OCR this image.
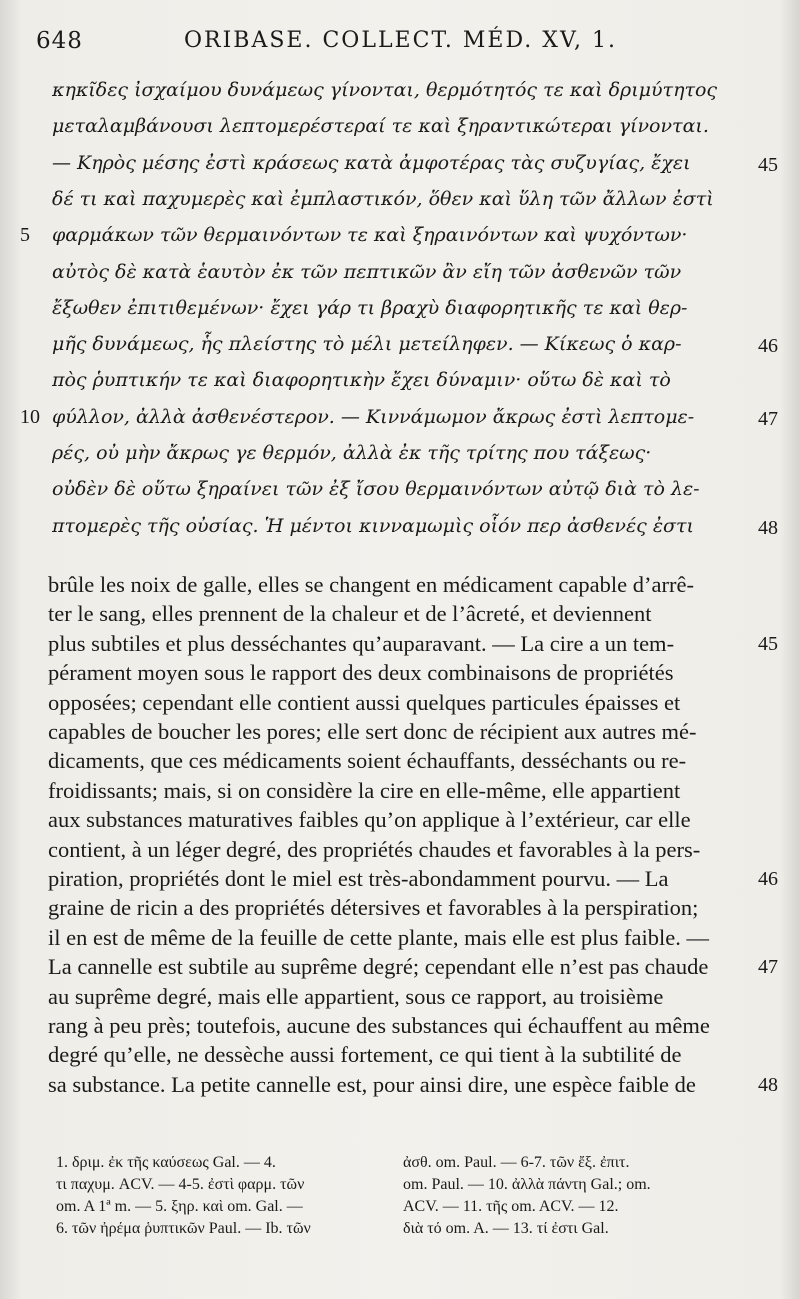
648	ORIBASE. COLLECT. MÉD. XV, 1.
κηκῖδες ἰσχαίμου δυνάμεως γίνονται, θερμότητός τε καὶ δριμύτητος
μεταλαμβάνουσι λεπτομερέστεραί τε καὶ ξηραντικώτεραι γίνονται.
— Κηρὸς μέσης ἐστὶ κράσεως κατὰ ἀμφοτέρας τὰς συζυγίας, ἔχει
δέ τι καὶ παχυμερὲς καὶ ἐμπλαστικόν, ὅθεν καὶ ὕλη τῶν ἄλλων ἐστὶ
φαρμάκων τῶν θερμαινόντων τε καὶ ξηραινόντων καὶ ψυχόντων·
αὐτὸς δὲ κατὰ ἑαυτὸν ἐκ τῶν πεπτικῶν ἂν εἴη τῶν ἀσθενῶν τῶν
ἔξωθεν ἐπιτιθεμένων· ἔχει γάρ τι βραχὺ διαφορητικῆς τε καὶ θερ-
μῆς δυνάμεως, ἧς πλείστης τὸ μέλι μετείληφεν. — Κίκεως ὁ καρ-
πὸς ῥυπτικήν τε καὶ διαφορητικὴν ἔχει δύναμιν· οὕτω δὲ καὶ τὸ
φύλλον, ἀλλὰ ἀσθενέστερον. — Κιννάμωμον ἄκρως ἐστὶ λεπτομε-
ρές, οὐ μὴν ἄκρως γε θερμόν, ἀλλὰ ἐκ τῆς τρίτης που τάξεως·
οὐδὲν δὲ οὕτω ξηραίνει τῶν ἐξ ἴσου θερμαινόντων αὐτῷ διὰ τὸ λε-
πτομερὲς τῆς οὐσίας. Ἡ μέντοι κινναμωμὶς οἷόν περ ἀσθενές ἐστι
5
10
45
46
47
48
brûle les noix de galle, elles se changent en médicament capable d’arrê-
ter le sang, elles prennent de la chaleur et de l’âcreté, et deviennent
plus subtiles et plus desséchantes qu’auparavant. — La cire a un tem-
pérament moyen sous le rapport des deux combinaisons de propriétés
opposées; cependant elle contient aussi quelques particules épaisses et
capables de boucher les pores; elle sert donc de récipient aux autres mé-
dicaments, que ces médicaments soient échauffants, desséchants ou re-
froidissants; mais, si on considère la cire en elle-même, elle appartient
aux substances maturatives faibles qu’on applique à l’extérieur, car elle
contient, à un léger degré, des propriétés chaudes et favorables à la pers-
piration, propriétés dont le miel est très-abondamment pourvu. — La
graine de ricin a des propriétés détersives et favorables à la perspiration;
il en est de même de la feuille de cette plante, mais elle est plus faible. —
La cannelle est subtile au suprême degré; cependant elle n’est pas chaude
au suprême degré, mais elle appartient, sous ce rapport, au troisième
rang à peu près; toutefois, aucune des substances qui échauffent au même
degré qu’elle, ne dessèche aussi fortement, ce qui tient à la subtilité de
sa substance. La petite cannelle est, pour ainsi dire, une espèce faible de
45
46
47
48
1. δριμ. ἐκ τῆς καύσεως Gal. — 4.
τι παχυμ. ACV. — 4-5. ἐστὶ φαρμ. τῶν
om. A 1ª m. — 5. ξηρ. καὶ om. Gal. —
6. τῶν ἠρέμα ῥυπτικῶν Paul. — Ib. τῶν
ἀσθ. om. Paul. — 6-7. τῶν ἔξ. ἐπιτ.
om. Paul. — 10. ἀλλὰ πάντη Gal.; om.
ACV. — 11. τῆς om. ACV. — 12.
διὰ τό om. A. — 13. τί ἐστι Gal.
